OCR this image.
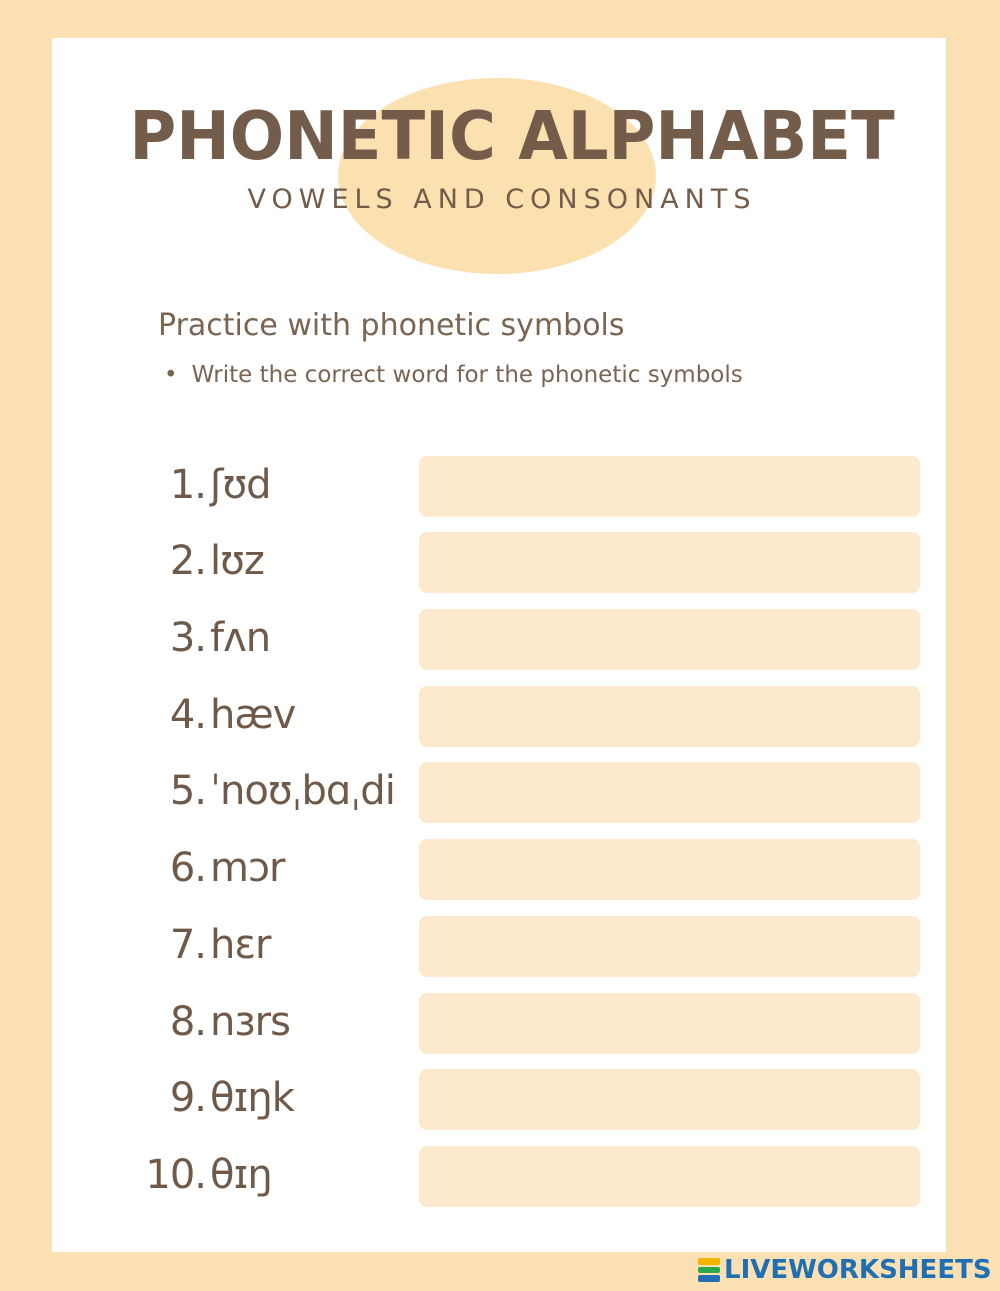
PHONETIC ALPHABET
VOWELS AND CONSONANTS
Practice with phonetic symbols
• Write the correct word for the phonetic symbols
1. ʃʊd
2. lʊz
3. fʌn
4. hæv
5. ˈnoʊˌbɑˌdi
6. mɔr
7. hɛr
8. nɜrs
9. θɪŋk
10. θɪŋ
LIVEWORKSHEETS
